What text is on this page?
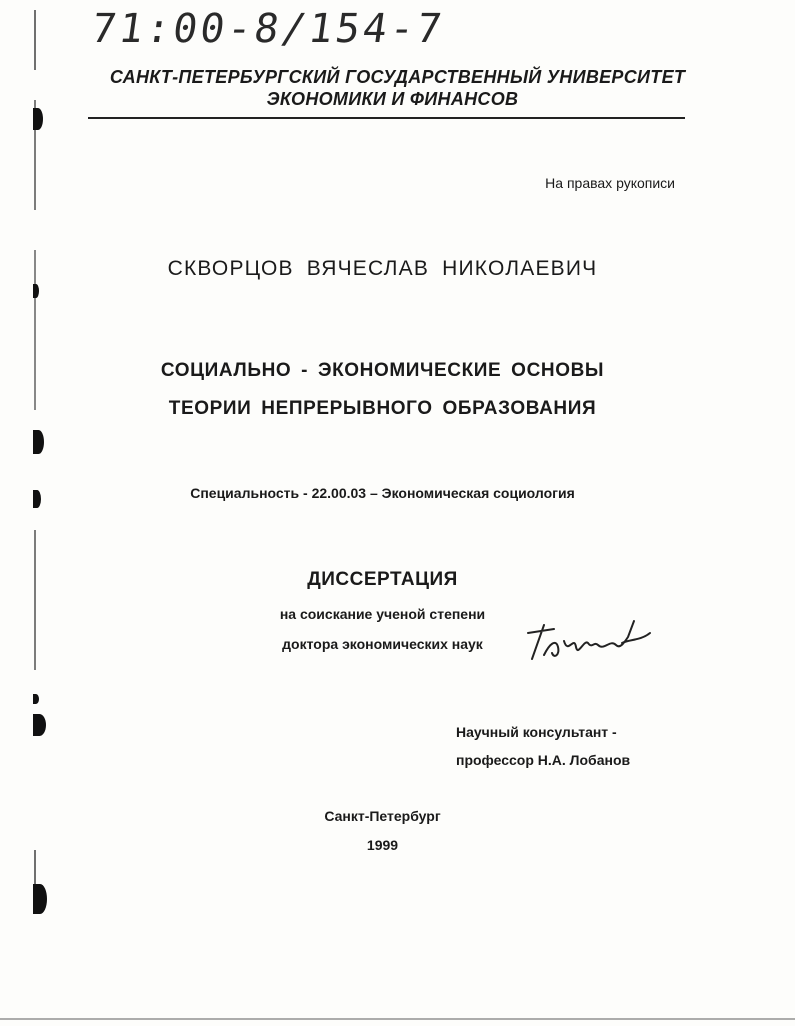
71:00-8/154-7
САНКТ-ПЕТЕРБУРГСКИЙ ГОСУДАРСТВЕННЫЙ УНИВЕРСИТЕТ
ЭКОНОМИКИ И ФИНАНСОВ
На правах рукописи
СКВОРЦОВ ВЯЧЕСЛАВ НИКОЛАЕВИЧ
СОЦИАЛЬНО - ЭКОНОМИЧЕСКИЕ ОСНОВЫ
ТЕОРИИ НЕПРЕРЫВНОГО ОБРАЗОВАНИЯ
Специальность - 22.00.03 – Экономическая социология
ДИССЕРТАЦИЯ
на соискание ученой степени
доктора экономических наук
Научный консультант -
профессор Н.А. Лобанов
Санкт-Петербург
1999
